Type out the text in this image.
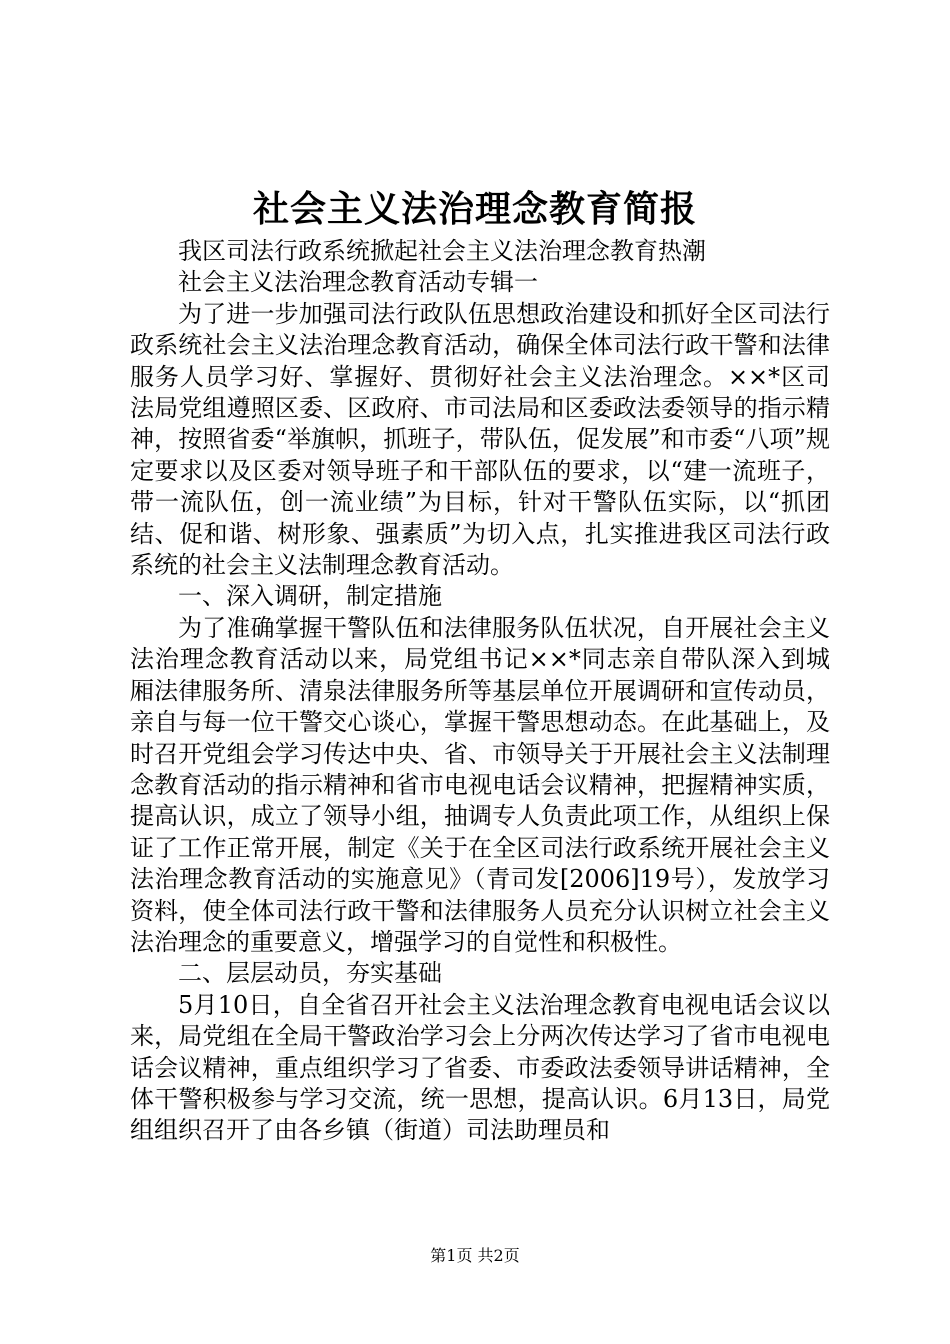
社会主义法治理念教育简报

我区司法行政系统掀起社会主义法治理念教育热潮

社会主义法治理念教育活动专辑一

为了进一步加强司法行政队伍思想政治建设和抓好全区司法行政系统社会主义法治理念教育活动，确保全体司法行政干警和法律服务人员学习好、掌握好、贯彻好社会主义法治理念。××*区司法局党组遵照区委、区政府、市司法局和区委政法委领导的指示精神，按照省委“举旗帜，抓班子，带队伍，促发展”和市委“八项”规定要求以及区委对领导班子和干部队伍的要求，以“建一流班子，带一流队伍，创一流业绩”为目标，针对干警队伍实际，以“抓团结、促和谐、树形象、强素质”为切入点，扎实推进我区司法行政系统的社会主义法制理念教育活动。

一、深入调研，制定措施

为了准确掌握干警队伍和法律服务队伍状况，自开展社会主义法治理念教育活动以来，局党组书记××*同志亲自带队深入到城厢法律服务所、清泉法律服务所等基层单位开展调研和宣传动员，亲自与每一位干警交心谈心，掌握干警思想动态。在此基础上，及时召开党组会学习传达中央、省、市领导关于开展社会主义法制理念教育活动的指示精神和省市电视电话会议精神，把握精神实质，提高认识，成立了领导小组，抽调专人负责此项工作，从组织上保证了工作正常开展，制定《关于在全区司法行政系统开展社会主义法治理念教育活动的实施意见》（青司发[2006]19号），发放学习资料，使全体司法行政干警和法律服务人员充分认识树立社会主义法治理念的重要意义，增强学习的自觉性和积极性。

二、层层动员，夯实基础

5月10日，自全省召开社会主义法治理念教育电视电话会议以来，局党组在全局干警政治学习会上分两次传达学习了省市电视电话会议精神，重点组织学习了省委、市委政法委领导讲话精神，全体干警积极参与学习交流，统一思想，提高认识。6月13日，局党组组织召开了由各乡镇（街道）司法助理员和

第1页 共2页
